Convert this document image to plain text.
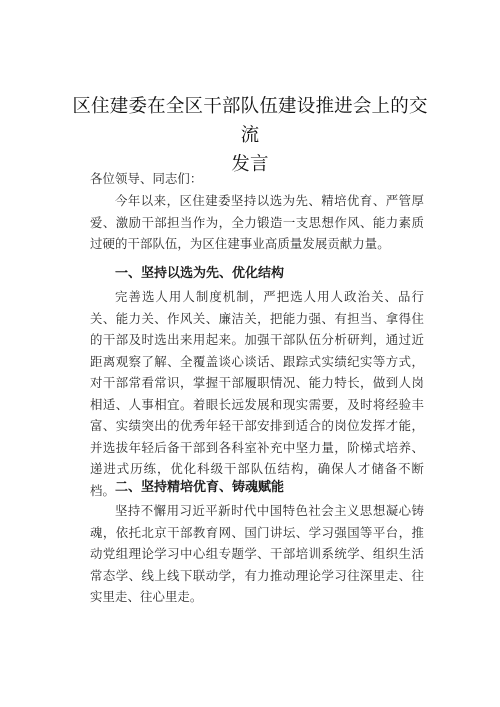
区住建委在全区干部队伍建设推进会上的交流
发言
各位领导、同志们：
今年以来，区住建委坚持以选为先、精培优育、严管厚爱、激励干部担当作为，全力锻造一支思想作风、能力素质过硬的干部队伍，为区住建事业高质量发展贡献力量。
一、坚持以选为先、优化结构
完善选人用人制度机制，严把选人用人政治关、品行关、能力关、作风关、廉洁关，把能力强、有担当、拿得住的干部及时选出来用起来。加强干部队伍分析研判，通过近距离观察了解、全覆盖谈心谈话、跟踪式实绩纪实等方式，对干部常看常识，掌握干部履职情况、能力特长，做到人岗相适、人事相宜。着眼长远发展和现实需要，及时将经验丰富、实绩突出的优秀年轻干部安排到适合的岗位发挥才能，并选拔年轻后备干部到各科室补充中坚力量，阶梯式培养、递进式历练，优化科级干部队伍结构，确保人才储备不断档。 二、坚持精培优育、铸魂赋能
坚持不懈用习近平新时代中国特色社会主义思想凝心铸魂，依托北京干部教育网、国门讲坛、学习强国等平台，推动党组理论学习中心组专题学、干部培训系统学、组织生活常态学、线上线下联动学，有力推动理论学习往深里走、往实里走、往心里走。
